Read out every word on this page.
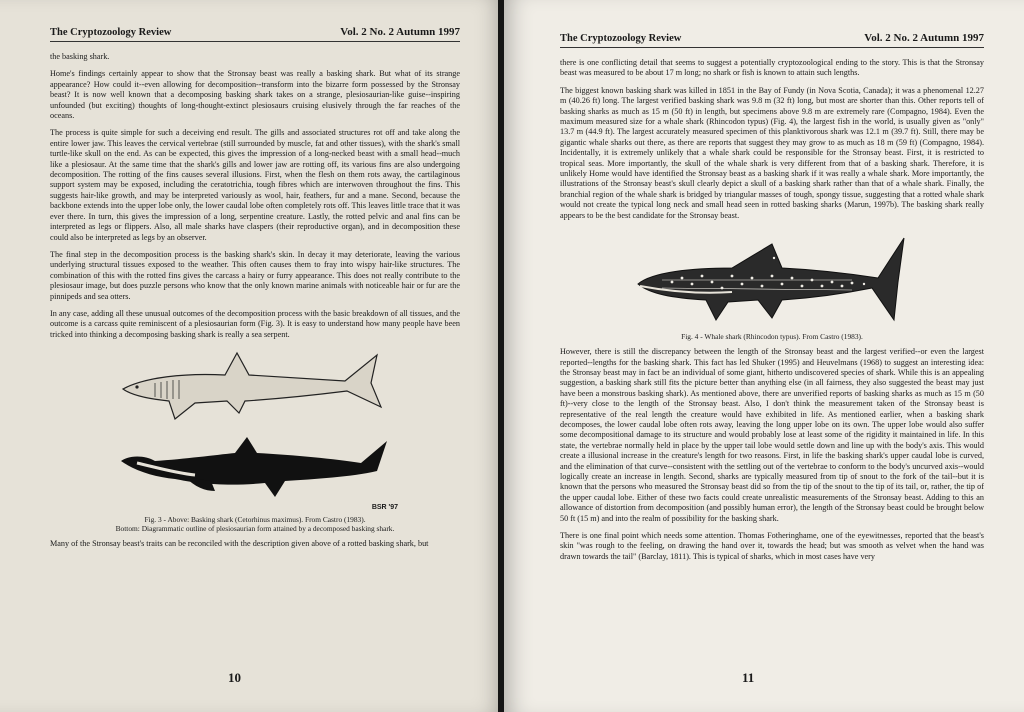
The Cryptozoology Review	Vol. 2 No. 2 Autumn 1997

the basking shark.

Home's findings certainly appear to show that the Stronsay beast was really a basking shark. But what of its strange appearance? How could it--even allowing for decomposition--transform into the bizarre form possessed by the Stronsay beast? It is now well known that a decomposing basking shark takes on a strange, plesiosaurian-like guise--inspiring unfounded (but exciting) thoughts of long-thought-extinct plesiosaurs cruising elusively through the far reaches of the oceans.

The process is quite simple for such a deceiving end result. The gills and associated structures rot off and take along the entire lower jaw. This leaves the cervical vertebrae (still surrounded by muscle, fat and other tissues), with the shark's small turtle-like skull on the end. As can be expected, this gives the impression of a long-necked beast with a small head--much like a plesiosaur. At the same time that the shark's gills and lower jaw are rotting off, its various fins are also undergoing decomposition. The rotting of the fins causes several illusions. First, when the flesh on them rots away, the cartilaginous support system may be exposed, including the ceratotrichia, tough fibres which are interwoven throughout the fins. This suggests hair-like growth, and may be interpreted variously as wool, hair, feathers, fur and a mane. Second, because the backbone extends into the upper lobe only, the lower caudal lobe often completely rots off. This leaves little trace that it was ever there. In turn, this gives the impression of a long, serpentine creature. Lastly, the rotted pelvic and anal fins can be interpreted as legs or flippers. Also, all male sharks have claspers (their reproductive organ), and in decomposition these could also be interpreted as legs by an observer.

The final step in the decomposition process is the basking shark's skin. In decay it may deteriorate, leaving the various underlying structural tissues exposed to the weather. This often causes them to fray into wispy hair-like structures. The combination of this with the rotted fins gives the carcass a hairy or furry appearance. This does not really contribute to the plesiosaur image, but does puzzle persons who know that the only known marine animals with noticeable hair or fur are the pinnipeds and sea otters.

In any case, adding all these unusual outcomes of the decomposition process with the basic breakdown of all tissues, and the outcome is a carcass quite reminiscent of a plesiosaurian form (Fig. 3). It is easy to understand how many people have been tricked into thinking a decomposing basking shark is really a sea serpent.

BSR '97
Fig. 3 - Above: Basking shark (Cetorhinus maximus). From Castro (1983).
Bottom: Diagrammatic outline of plesiosaurian form attained by a decomposed basking shark.

Many of the Stronsay beast's traits can be reconciled with the description given above of a rotted basking shark, but

10
The Cryptozoology Review	Vol. 2 No. 2 Autumn 1997

there is one conflicting detail that seems to suggest a potentially cryptozoological ending to the story. This is that the Stronsay beast was measured to be about 17 m long; no shark or fish is known to attain such lengths.

The biggest known basking shark was killed in 1851 in the Bay of Fundy (in Nova Scotia, Canada); it was a phenomenal 12.27 m (40.26 ft) long. The largest verified basking shark was 9.8 m (32 ft) long, but most are shorter than this. Other reports tell of basking sharks as much as 15 m (50 ft) in length, but specimens above 9.8 m are extremely rare (Compagno, 1984). Even the maximum measured size for a whale shark (Rhincodon typus) (Fig. 4), the largest fish in the world, is usually given as "only" 13.7 m (44.9 ft). The largest accurately measured specimen of this planktivorous shark was 12.1 m (39.7 ft). Still, there may be gigantic whale sharks out there, as there are reports that suggest they may grow to as much as 18 m (59 ft) (Compagno, 1984). Incidentally, it is extremely unlikely that a whale shark could be responsible for the Stronsay beast. First, it is restricted to tropical seas. More importantly, the skull of the whale shark is very different from that of a basking shark. Therefore, it is unlikely Home would have identified the Stronsay beast as a basking shark if it was really a whale shark. More importantly, the illustrations of the Stronsay beast's skull clearly depict a skull of a basking shark rather than that of a whale shark. Finally, the branchial region of the whale shark is bridged by triangular masses of tough, spongy tissue, suggesting that a rotted whale shark would not create the typical long neck and small head seen in rotted basking sharks (Marun, 1997b). The basking shark really appears to be the best candidate for the Stronsay beast.

Fig. 4 - Whale shark (Rhincodon typus). From Castro (1983).

However, there is still the discrepancy between the length of the Stronsay beast and the largest verified--or even the largest reported--lengths for the basking shark. This fact has led Shuker (1995) and Heuvelmans (1968) to suggest an interesting idea: the Stronsay beast may in fact be an individual of some giant, hitherto undiscovered species of shark. While this is an appealing suggestion, a basking shark still fits the picture better than anything else (in all fairness, they also suggested the beast may just have been a monstrous basking shark). As mentioned above, there are unverified reports of basking sharks as much as 15 m (50 ft)--very close to the length of the Stronsay beast. Also, I don't think the measurement taken of the Stronsay beast is representative of the real length the creature would have exhibited in life. As mentioned earlier, when a basking shark decomposes, the lower caudal lobe often rots away, leaving the long upper lobe on its own. The upper lobe would also suffer some decompositional damage to its structure and would probably lose at least some of the rigidity it maintained in life. In this state, the vertebrae normally held in place by the upper tail lobe would settle down and line up with the body's axis. This would create a illusional increase in the creature's length for two reasons. First, in life the basking shark's upper caudal lobe is curved, and the elimination of that curve--consistent with the settling out of the vertebrae to conform to the body's uncurved axis--would logically create an increase in length. Second, sharks are typically measured from tip of snout to the fork of the tail--but it is known that the persons who measured the Stronsay beast did so from the tip of the snout to the tip of its tail, or, rather, the tip of the upper caudal lobe. Either of these two facts could create unrealistic measurements of the Stronsay beast. Adding to this an allowance of distortion from decomposition (and possibly human error), the length of the Stronsay beast could be brought below 50 ft (15 m) and into the realm of possibility for the basking shark.

There is one final point which needs some attention. Thomas Fotheringhame, one of the eyewitnesses, reported that the beast's skin "was rough to the feeling, on drawing the hand over it, towards the head; but was smooth as velvet when the hand was drawn towards the tail" (Barclay, 1811). This is typical of sharks, which in most cases have very

11
